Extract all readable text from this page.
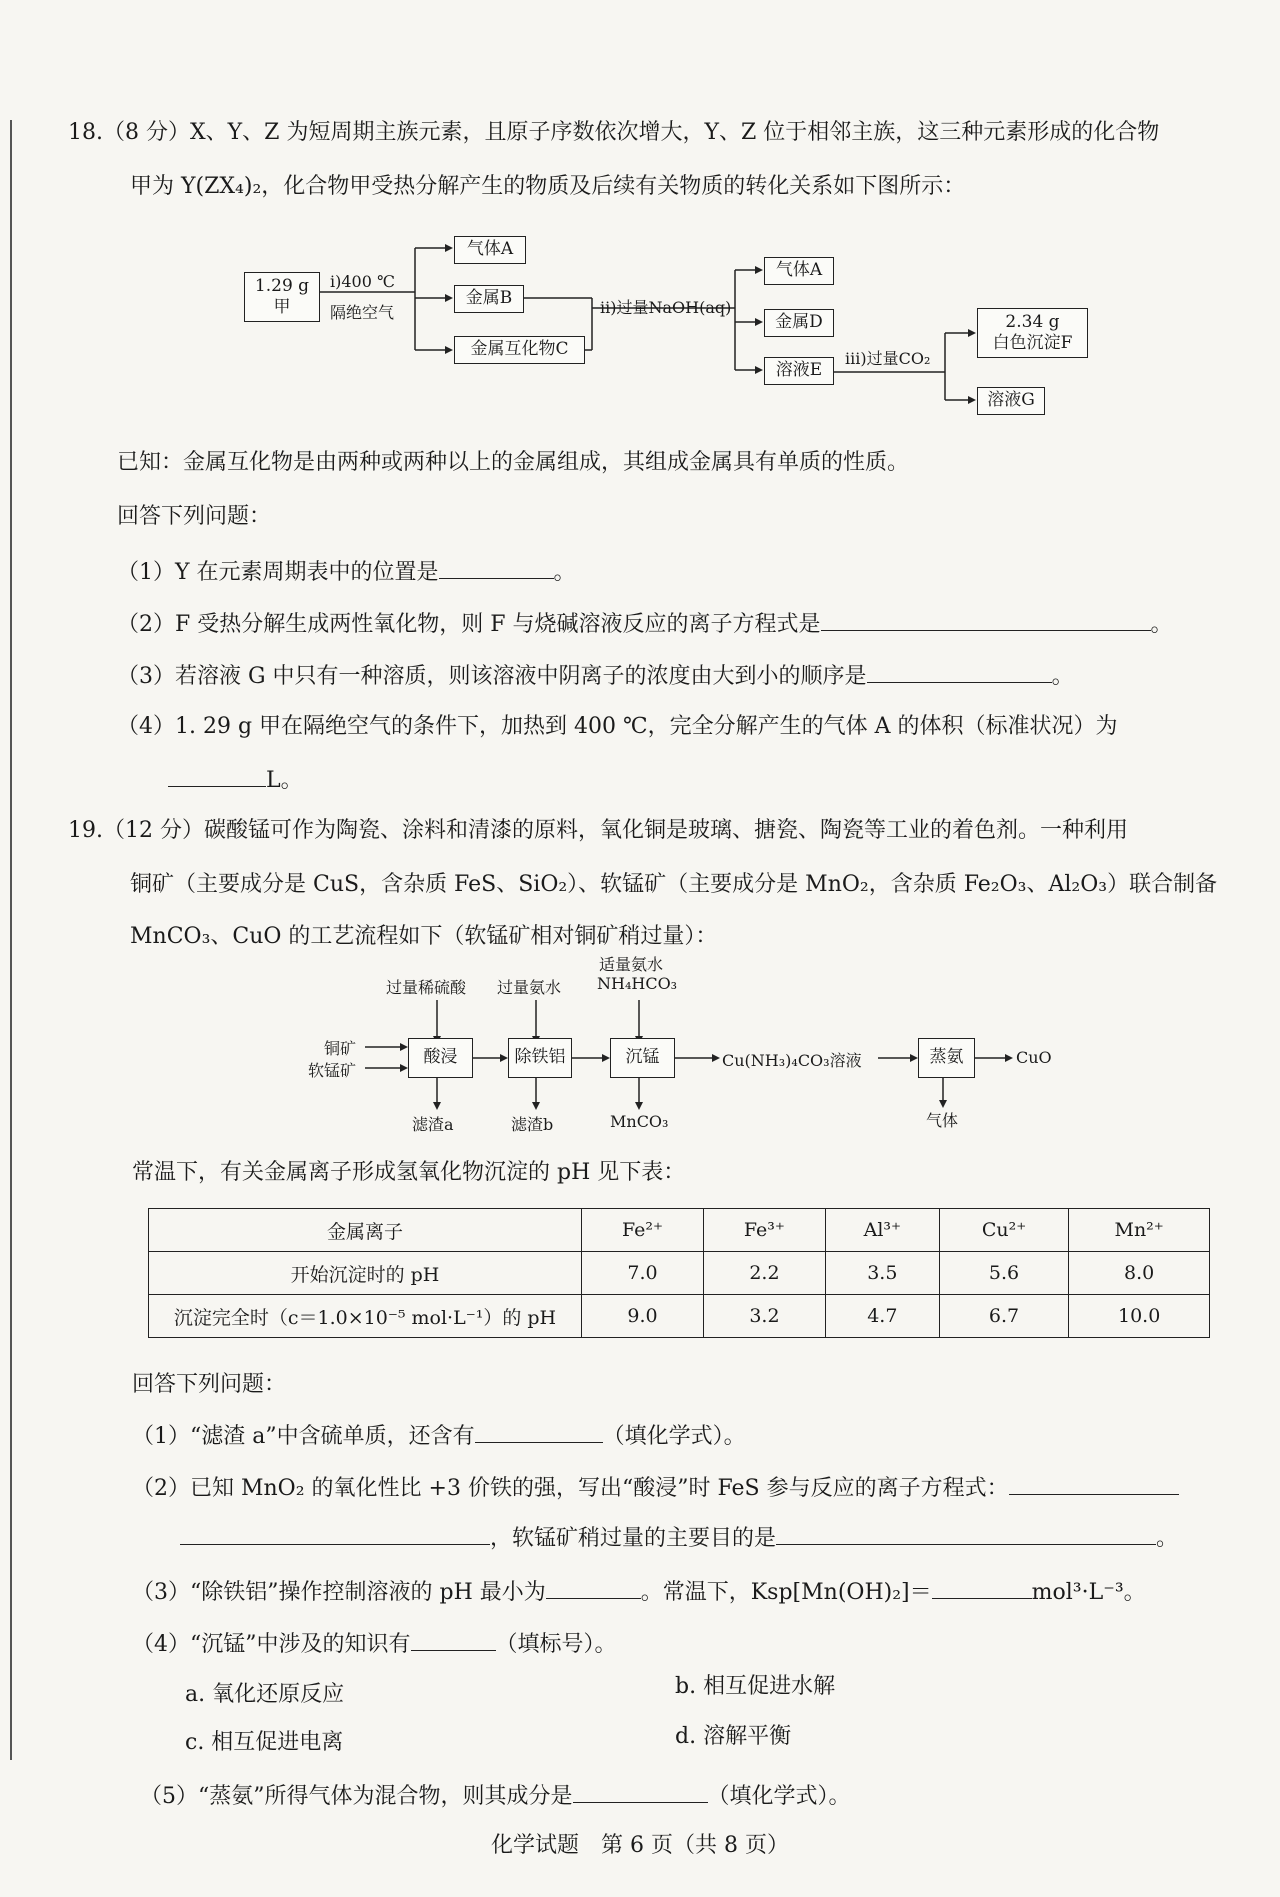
18.（8 分）X、Y、Z 为短周期主族元素，且原子序数依次增大，Y、Z 位于相邻主族，这三种元素形成的化合物
甲为 Y(ZX₄)₂，化合物甲受热分解产生的物质及后续有关物质的转化关系如下图所示：
1.29 g
甲
i)400 ℃
隔绝空气
气体A
金属B
金属互化物C
ii)过量NaOH(aq)
气体A
金属D
溶液E
iii)过量CO₂
2.34 g
白色沉淀F
溶液G
已知：金属互化物是由两种或两种以上的金属组成，其组成金属具有单质的性质。
回答下列问题：
（1）Y 在元素周期表中的位置是	。
（2）F 受热分解生成两性氧化物，则 F 与烧碱溶液反应的离子方程式是	。
（3）若溶液 G 中只有一种溶质，则该溶液中阴离子的浓度由大到小的顺序是	。
（4）1. 29 g 甲在隔绝空气的条件下，加热到 400 ℃，完全分解产生的气体 A 的体积（标准状况）为
L。
19.（12 分）碳酸锰可作为陶瓷、涂料和清漆的原料，氧化铜是玻璃、搪瓷、陶瓷等工业的着色剂。一种利用
铜矿（主要成分是 CuS，含杂质 FeS、SiO₂）、软锰矿（主要成分是 MnO₂，含杂质 Fe₂O₃、Al₂O₃）联合制备
MnCO₃、CuO 的工艺流程如下（软锰矿相对铜矿稍过量）：
铜矿
软锰矿
过量稀硫酸 过量氨水
适量氨水
NH₄HCO₃
酸浸	除铁铝	沉锰	Cu(NH₃)₄CO₃溶液	蒸氨	CuO
滤渣a	滤渣b	MnCO₃	气体
常温下，有关金属离子形成氢氧化物沉淀的 pH 见下表：
金属离子	Fe²⁺	Fe³⁺	Al³⁺	Cu²⁺	Mn²⁺
开始沉淀时的 pH	7.0	2.2	3.5	5.6	8.0
沉淀完全时（c＝1.0×10⁻⁵ mol·L⁻¹）的 pH	9.0	3.2	4.7	6.7	10.0
回答下列问题：
（1）“滤渣 a”中含硫单质，还含有	（填化学式）。
（2）已知 MnO₂ 的氧化性比 +3 价铁的强，写出“酸浸”时 FeS 参与反应的离子方程式：
，软锰矿稍过量的主要目的是	。
（3）“除铁铝”操作控制溶液的 pH 最小为	。常温下，Ksp[Mn(OH)₂]＝	mol³·L⁻³。
（4）“沉锰”中涉及的知识有	（填标号）。
a. 氧化还原反应	b. 相互促进水解
c. 相互促进电离	d. 溶解平衡
（5）“蒸氨”所得气体为混合物，则其成分是	（填化学式）。
化学试题　第 6 页（共 8 页）
